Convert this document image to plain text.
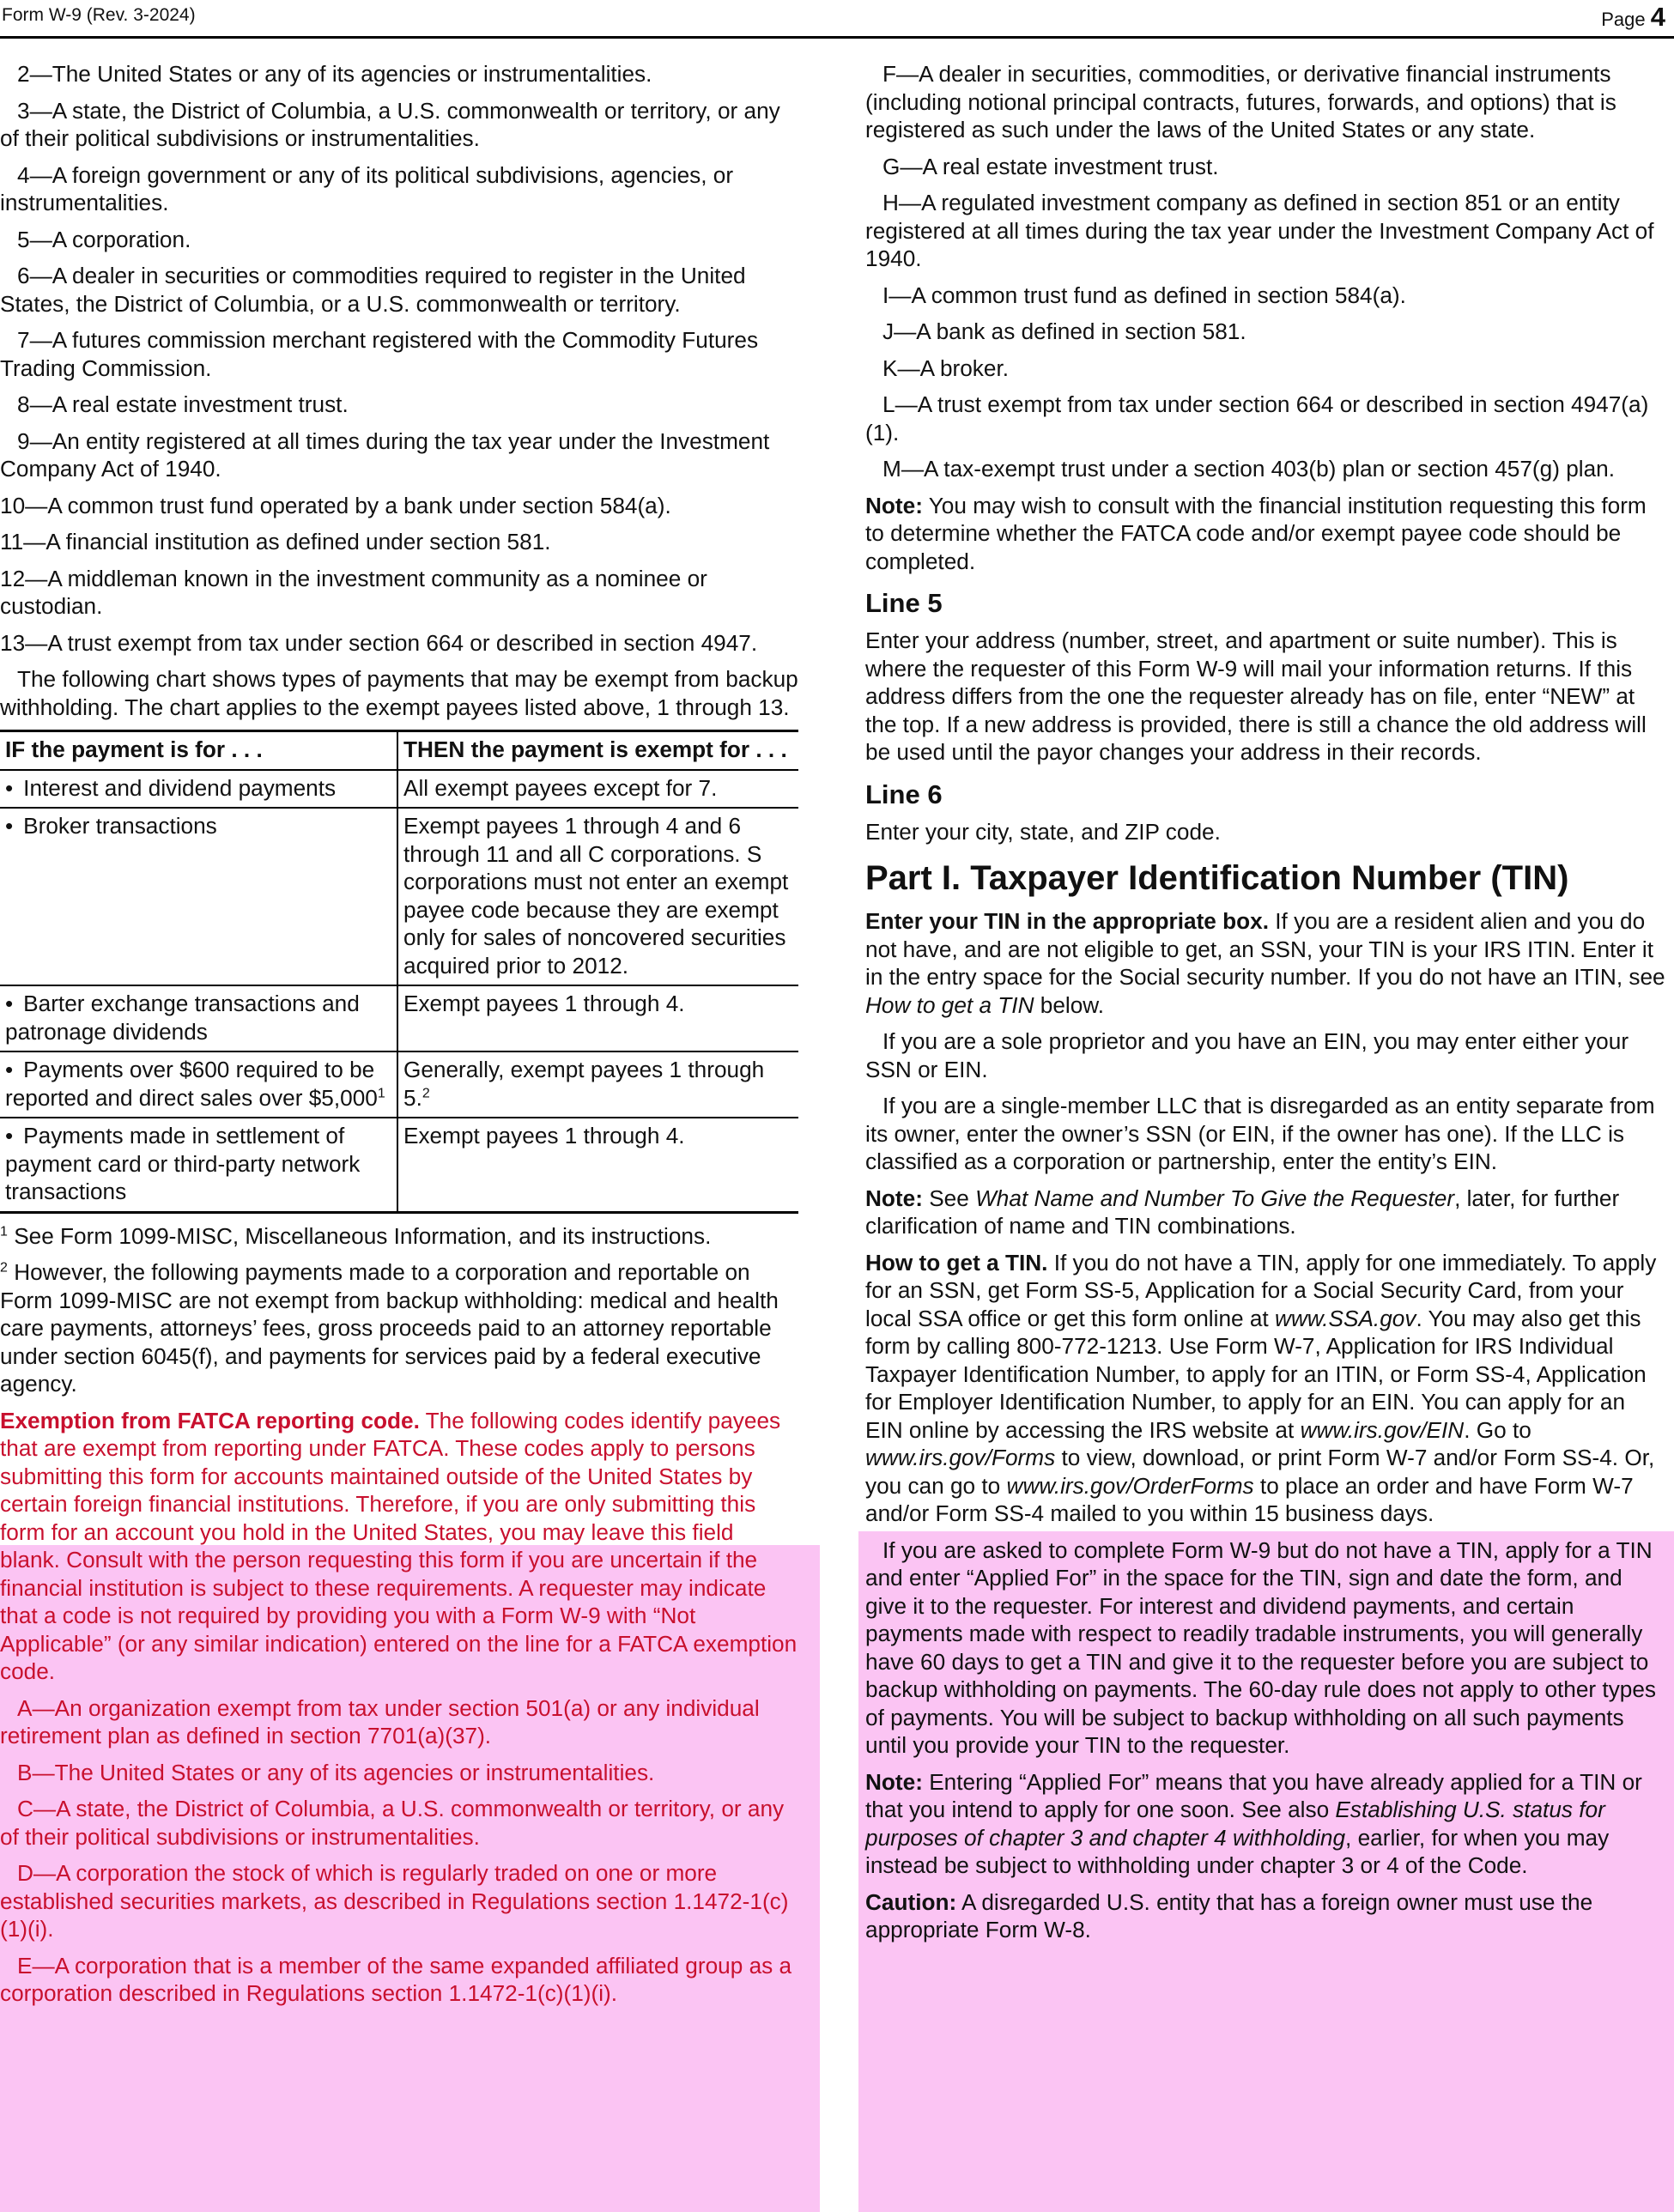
Form W-9 (Rev. 3-2024)	Page 4

2—The United States or any of its agencies or instrumentalities.

3—A state, the District of Columbia, a U.S. commonwealth or territory, or any of their political subdivisions or instrumentalities.

4—A foreign government or any of its political subdivisions, agencies, or instrumentalities.

5—A corporation.

6—A dealer in securities or commodities required to register in the United States, the District of Columbia, or a U.S. commonwealth or territory.

7—A futures commission merchant registered with the Commodity Futures Trading Commission.

8—A real estate investment trust.

9—An entity registered at all times during the tax year under the Investment Company Act of 1940.

10—A common trust fund operated by a bank under section 584(a).

11—A financial institution as defined under section 581.

12—A middleman known in the investment community as a nominee or custodian.

13—A trust exempt from tax under section 664 or described in section 4947.

The following chart shows types of payments that may be exempt from backup withholding. The chart applies to the exempt payees listed above, 1 through 13.

IF the payment is for . . .	THEN the payment is exempt for . . .
• Interest and dividend payments	All exempt payees except for 7.
• Broker transactions	Exempt payees 1 through 4 and 6 through 11 and all C corporations. S corporations must not enter an exempt payee code because they are exempt only for sales of noncovered securities acquired prior to 2012.
• Barter exchange transactions and patronage dividends	Exempt payees 1 through 4.
• Payments over $600 required to be reported and direct sales over $5,000$^1$	Generally, exempt payees 1 through 5.$^2$
• Payments made in settlement of payment card or third-party network transactions	Exempt payees 1 through 4.

$^1$ See Form 1099-MISC, Miscellaneous Information, and its instructions.

$^2$ However, the following payments made to a corporation and reportable on Form 1099-MISC are not exempt from backup withholding: medical and health care payments, attorneys’ fees, gross proceeds paid to an attorney reportable under section 6045(f), and payments for services paid by a federal executive agency.

Exemption from FATCA reporting code. The following codes identify payees that are exempt from reporting under FATCA. These codes apply to persons submitting this form for accounts maintained outside of the United States by certain foreign financial institutions. Therefore, if you are only submitting this form for an account you hold in the United States, you may leave this field blank. Consult with the person requesting this form if you are uncertain if the financial institution is subject to these requirements. A requester may indicate that a code is not required by providing you with a Form W-9 with “Not Applicable” (or any similar indication) entered on the line for a FATCA exemption code.

A—An organization exempt from tax under section 501(a) or any individual retirement plan as defined in section 7701(a)(37).

B—The United States or any of its agencies or instrumentalities.

C—A state, the District of Columbia, a U.S. commonwealth or territory, or any of their political subdivisions or instrumentalities.

D—A corporation the stock of which is regularly traded on one or more established securities markets, as described in Regulations section 1.1472-1(c)(1)(i).

E—A corporation that is a member of the same expanded affiliated group as a corporation described in Regulations section 1.1472-1(c)(1)(i).

F—A dealer in securities, commodities, or derivative financial instruments (including notional principal contracts, futures, forwards, and options) that is registered as such under the laws of the United States or any state.

G—A real estate investment trust.

H—A regulated investment company as defined in section 851 or an entity registered at all times during the tax year under the Investment Company Act of 1940.

I—A common trust fund as defined in section 584(a).

J—A bank as defined in section 581.

K—A broker.

L—A trust exempt from tax under section 664 or described in section 4947(a)(1).

M—A tax-exempt trust under a section 403(b) plan or section 457(g) plan.

Note: You may wish to consult with the financial institution requesting this form to determine whether the FATCA code and/or exempt payee code should be completed.

Line 5

Enter your address (number, street, and apartment or suite number). This is where the requester of this Form W-9 will mail your information returns. If this address differs from the one the requester already has on file, enter “NEW” at the top. If a new address is provided, there is still a chance the old address will be used until the payor changes your address in their records.

Line 6

Enter your city, state, and ZIP code.

Part I. Taxpayer Identification Number (TIN)

Enter your TIN in the appropriate box. If you are a resident alien and you do not have, and are not eligible to get, an SSN, your TIN is your IRS ITIN. Enter it in the entry space for the Social security number. If you do not have an ITIN, see How to get a TIN below.

If you are a sole proprietor and you have an EIN, you may enter either your SSN or EIN.

If you are a single-member LLC that is disregarded as an entity separate from its owner, enter the owner’s SSN (or EIN, if the owner has one). If the LLC is classified as a corporation or partnership, enter the entity’s EIN.

Note: See What Name and Number To Give the Requester, later, for further clarification of name and TIN combinations.

How to get a TIN. If you do not have a TIN, apply for one immediately. To apply for an SSN, get Form SS-5, Application for a Social Security Card, from your local SSA office or get this form online at www.SSA.gov. You may also get this form by calling 800-772-1213. Use Form W-7, Application for IRS Individual Taxpayer Identification Number, to apply for an ITIN, or Form SS-4, Application for Employer Identification Number, to apply for an EIN. You can apply for an EIN online by accessing the IRS website at www.irs.gov/EIN. Go to www.irs.gov/Forms to view, download, or print Form W-7 and/or Form SS-4. Or, you can go to www.irs.gov/OrderForms to place an order and have Form W-7 and/or Form SS-4 mailed to you within 15 business days.

If you are asked to complete Form W-9 but do not have a TIN, apply for a TIN and enter “Applied For” in the space for the TIN, sign and date the form, and give it to the requester. For interest and dividend payments, and certain payments made with respect to readily tradable instruments, you will generally have 60 days to get a TIN and give it to the requester before you are subject to backup withholding on payments. The 60-day rule does not apply to other types of payments. You will be subject to backup withholding on all such payments until you provide your TIN to the requester.

Note: Entering “Applied For” means that you have already applied for a TIN or that you intend to apply for one soon. See also Establishing U.S. status for purposes of chapter 3 and chapter 4 withholding, earlier, for when you may instead be subject to withholding under chapter 3 or 4 of the Code.

Caution: A disregarded U.S. entity that has a foreign owner must use the appropriate Form W-8.
